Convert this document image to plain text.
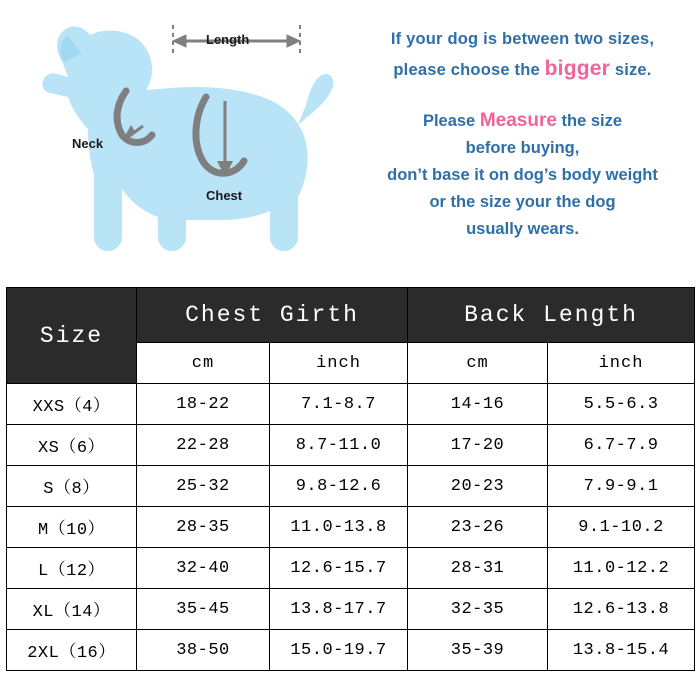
Length
Neck
Chest
If your dog is between two sizes,
please choose the bigger size.
Please Measure the size
before buying,
don’t base it on dog’s body weight
or the size your the dog
usually wears.
Size	Chest Girth		Back Length	
	cm	inch	cm	inch
XXS（4）	18-22	7.1-8.7	14-16	5.5-6.3
XS（6）	22-28	8.7-11.0	17-20	6.7-7.9
S（8）	25-32	9.8-12.6	20-23	7.9-9.1
M（10）	28-35	11.0-13.8	23-26	9.1-10.2
L（12）	32-40	12.6-15.7	28-31	11.0-12.2
XL（14）	35-45	13.8-17.7	32-35	12.6-13.8
2XL（16）	38-50	15.0-19.7	35-39	13.8-15.4
